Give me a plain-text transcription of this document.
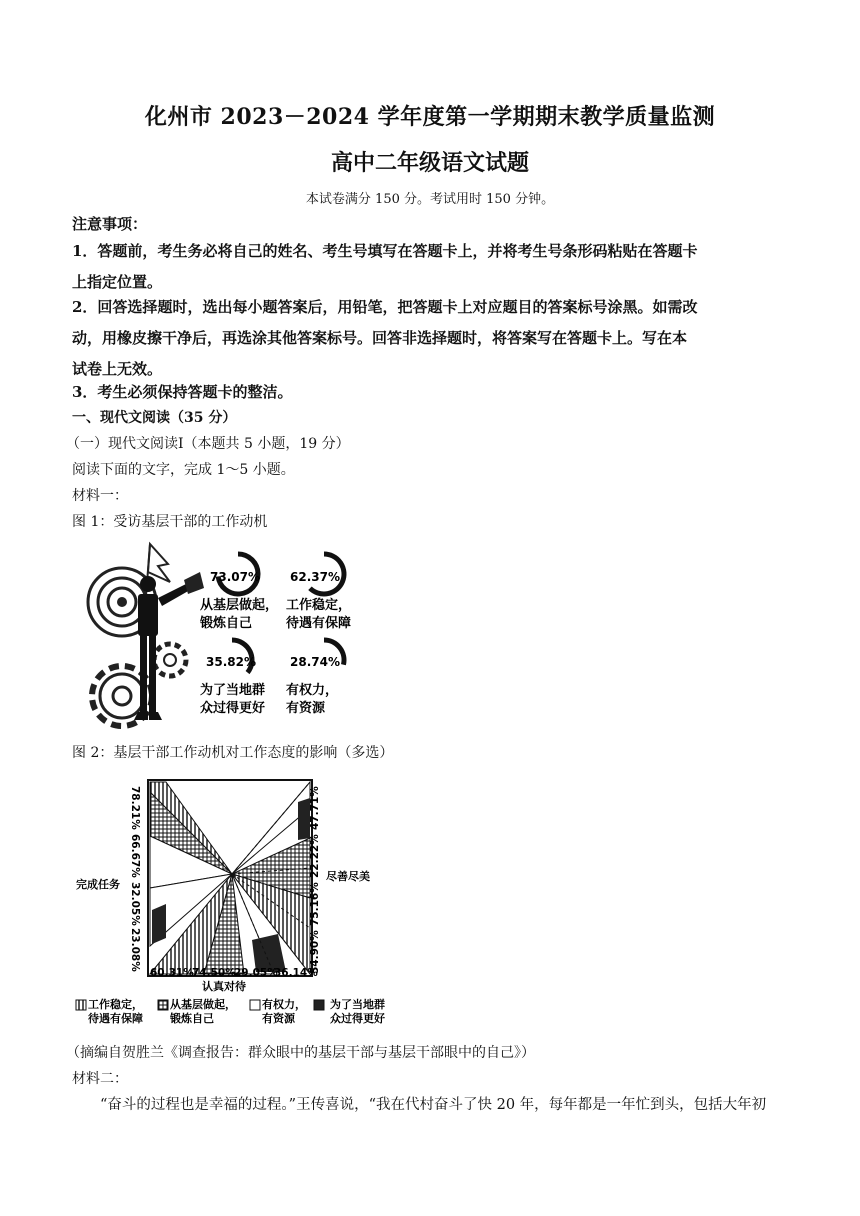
化州市 2023－2024 学年度第一学期期末教学质量监测
高中二年级语文试题
本试卷满分 150 分。考试用时 150 分钟。
注意事项：
1．答题前，考生务必将自己的姓名、考生号填写在答题卡上，并将考生号条形码粘贴在答题卡
上指定位置。
2．回答选择题时，选出每小题答案后，用铅笔，把答题卡上对应题目的答案标号涂黑。如需改
动，用橡皮擦干净后，再选涂其他答案标号。回答非选择题时，将答案写在答题卡上。写在本
试卷上无效。
3．考生必须保持答题卡的整洁。
一、现代文阅读（35 分）
（一）现代文阅读Ⅰ（本题共 5 小题，19 分）
阅读下面的文字，完成 1～5 小题。
材料一：
图 1：受访基层干部的工作动机
73.07%
从基层做起，
锻炼自己
62.37%
工作稳定，
待遇有保障
35.82%
为了当地群
众过得更好
28.74%
有权力，
有资源
图 2：基层干部工作动机对工作态度的影响（多选）
完成任务
尽善尽美
认真对待
78.21%
66.67%
32.05%
23.08%
47.71%
22.22%
75.16%
54.90%
60.31%
74.50%
29.05%
36.14%
工作稳定，
待遇有保障
从基层做起，
锻炼自己
有权力，
有资源
为了当地群
众过得更好
（摘编自贺胜兰《调查报告：群众眼中的基层干部与基层干部眼中的自己》）
材料二：
“奋斗的过程也是幸福的过程。”王传喜说，“我在代村奋斗了快 20 年，每年都是一年忙到头，包括大年初
